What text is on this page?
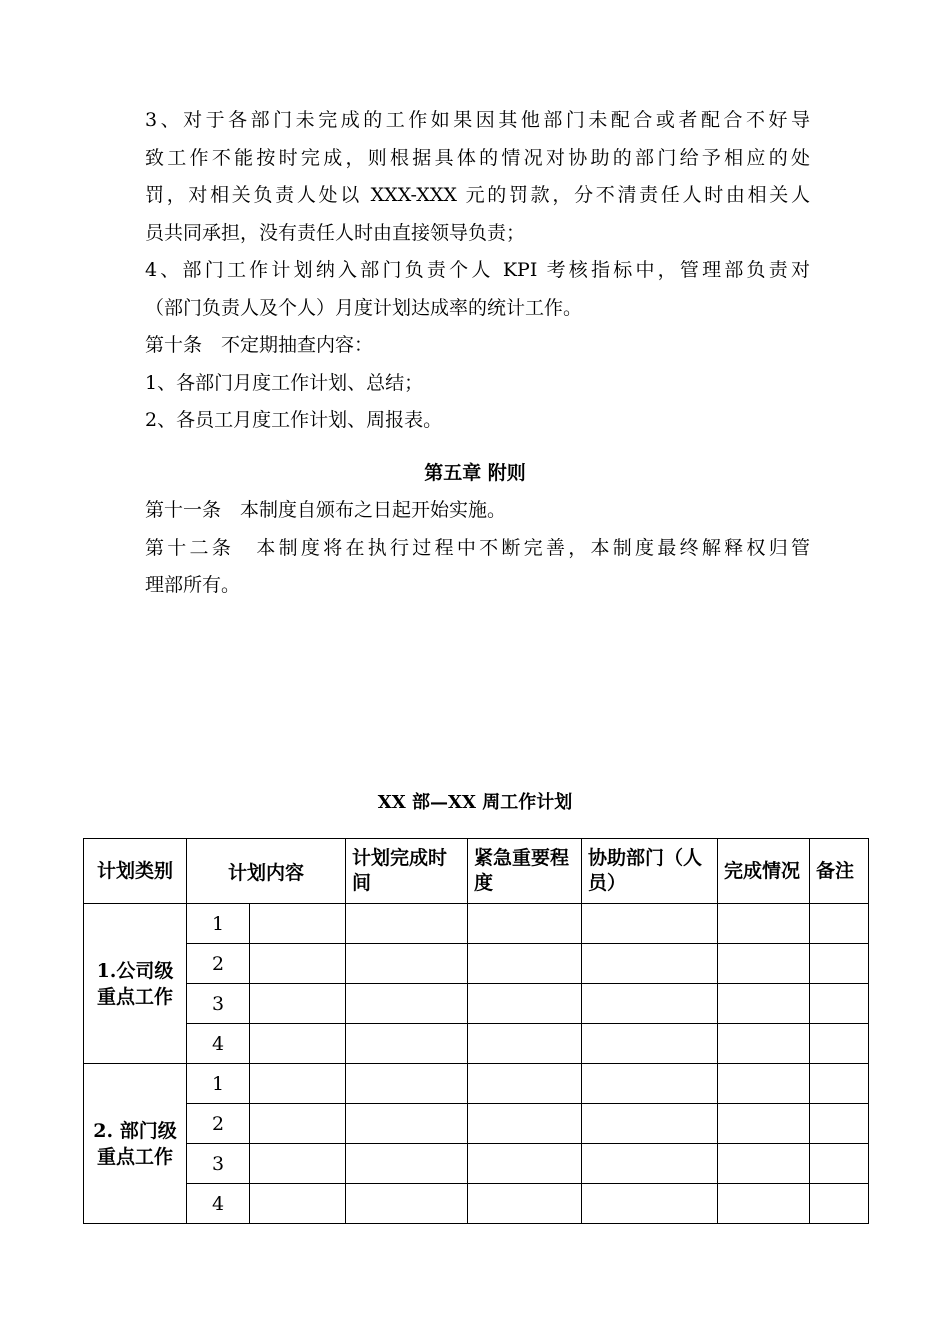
3、对于各部门未完成的工作如果因其他部门未配合或者配合不好导
致工作不能按时完成，则根据具体的情况对协助的部门给予相应的处
罚，对相关负责人处以 XXX-XXX 元的罚款，分不清责任人时由相关人
员共同承担，没有责任人时由直接领导负责；
4、部门工作计划纳入部门负责个人 KPI 考核指标中，管理部负责对
（部门负责人及个人）月度计划达成率的统计工作。
第十条　不定期抽查内容：
1、各部门月度工作计划、总结；
2、各员工月度工作计划、周报表。
第五章 附则
第十一条　本制度自颁布之日起开始实施。
第十二条　本制度将在执行过程中不断完善，本制度最终解释权归管
理部所有。
XX 部—XX 周工作计划
计划类别	计划内容		计划完成时间	紧急重要程度	协助部门（人员）	完成情况	备注
1.公司级重点工作	1						
	2						
	3						
	4						
2. 部门级重点工作	1						
	2						
	3						
	4						
